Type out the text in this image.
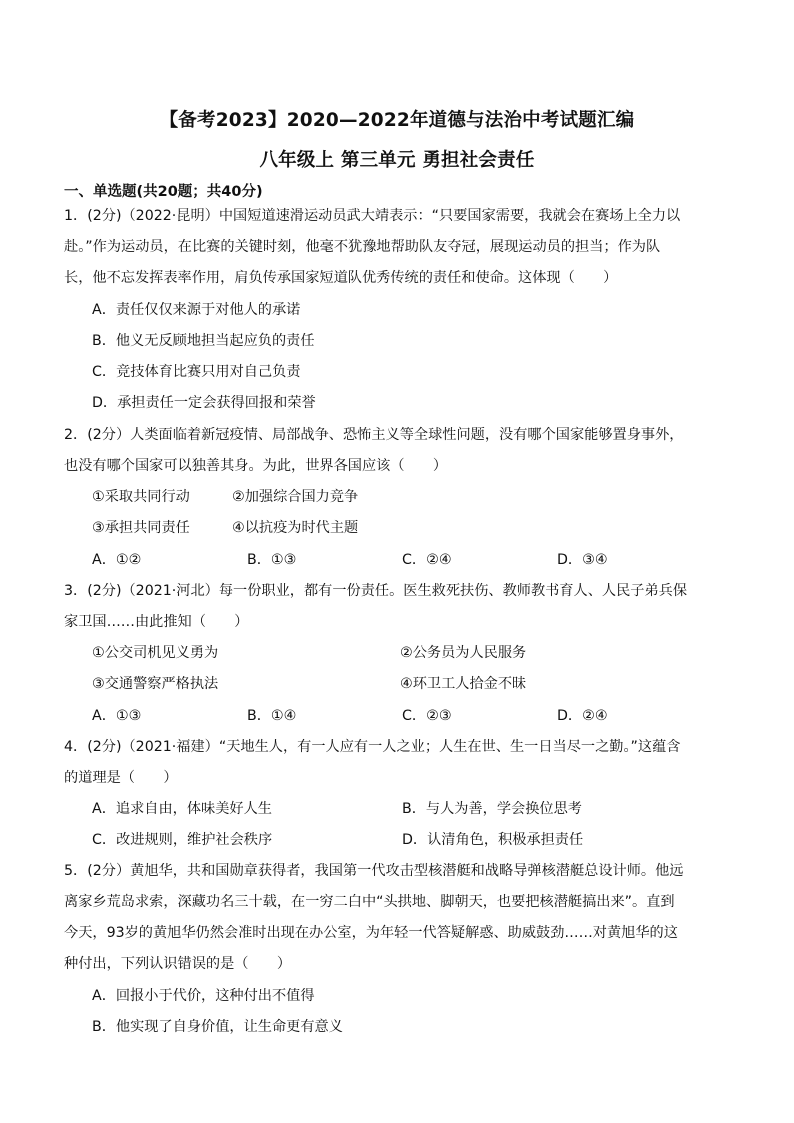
【备考2023】2020—2022年道德与法治中考试题汇编
八年级上 第三单元 勇担社会责任
一、单选题(共20题；共40分)
1．(2分)（2022·昆明）中国短道速滑运动员武大靖表示：“只要国家需要，我就会在赛场上全力以
赴。”作为运动员，在比赛的关键时刻，他毫不犹豫地帮助队友夺冠，展现运动员的担当；作为队
长，他不忘发挥表率作用，肩负传承国家短道队优秀传统的责任和使命。这体现（　　）
A．责任仅仅来源于对他人的承诺
B．他义无反顾地担当起应负的责任
C．竞技体育比赛只用对自己负责
D．承担责任一定会获得回报和荣誉
2．(2分）人类面临着新冠疫情、局部战争、恐怖主义等全球性问题，没有哪个国家能够置身事外，
也没有哪个国家可以独善其身。为此，世界各国应该（　　）
①采取共同行动	②加强综合国力竞争
③承担共同责任	④以抗疫为时代主题
A．①②	B．①③	C．②④	D．③④
3．(2分)（2021·河北）每一份职业，都有一份责任。医生救死扶伤、教师教书育人、人民子弟兵保
家卫国……由此推知（　　）
①公交司机见义勇为	②公务员为人民服务
③交通警察严格执法	④环卫工人拾金不昧
A．①③	B．①④	C．②③	D．②④
4．(2分)（2021·福建）“天地生人，有一人应有一人之业；人生在世、生一日当尽一之勤。”这蕴含
的道理是（　　）
A．追求自由，体味美好人生	B．与人为善，学会换位思考
C．改进规则，维护社会秩序	D．认清角色，积极承担责任
5．(2分）黄旭华，共和国勋章获得者，我国第一代攻击型核潜艇和战略导弹核潜艇总设计师。他远
离家乡荒岛求索，深藏功名三十载，在一穷二白中“头拱地、脚朝天，也要把核潜艇搞出来”。直到
今天，93岁的黄旭华仍然会准时出现在办公室，为年轻一代答疑解惑、助威鼓劲……对黄旭华的这
种付出，下列认识错误的是（　　）
A．回报小于代价，这种付出不值得
B．他实现了自身价值，让生命更有意义
